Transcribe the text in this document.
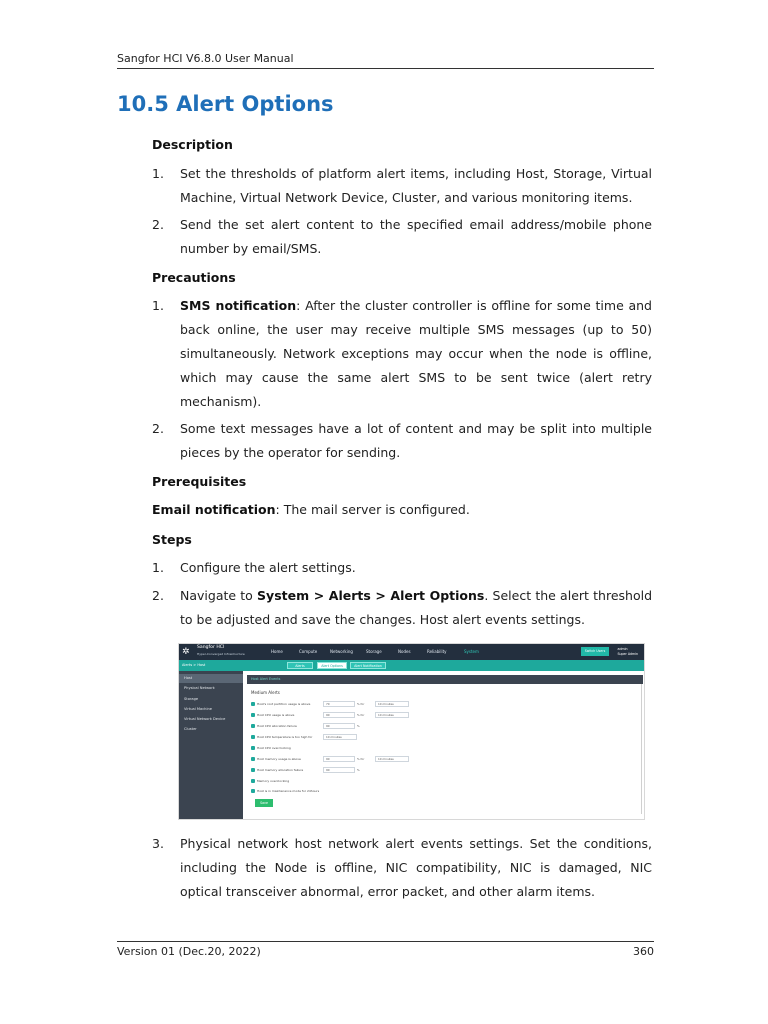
Sangfor HCI V6.8.0 User Manual
10.5 Alert Options
Description
1.	Set the thresholds of platform alert items, including Host, Storage, Virtual Machine, Virtual Network Device, Cluster, and various monitoring items.
2.	Send the set alert content to the specified email address/mobile phone number by email/SMS.
Precautions
1.	SMS notification: After the cluster controller is offline for some time and back online, the user may receive multiple SMS messages (up to 50) simultaneously. Network exceptions may occur when the node is offline, which may cause the same alert SMS to be sent twice (alert retry mechanism).
2.	Some text messages have a lot of content and may be split into multiple pieces by the operator for sending.
Prerequisites
Email notification: The mail server is configured.
Steps
1.	Configure the alert settings.
2.	Navigate to System > Alerts > Alert Options. Select the alert threshold to be adjusted and save the changes. Host alert events settings.
✲	Sangfor HCI
Hyper-Converged Infrastructure	Home	Compute	Networking	Storage	Nodes	Reliability	System	Switch Users	admin
Super Admin
Alerts > Host	Alerts	Alert Options	Alert Notification
Host
Physical Network
Storage
Virtual Machine
Virtual Network Device
Cluster
Host Alert Events
Medium Alerts
Host's root partition usage is above	70	% for	10 minutes
Host CPU usage is above	90	% for	10 minutes
Host CPU allocation failure	90	%
Host CPU temperature is too high for	10 minutes
Host CPU overclocking
Host memory usage is above	90	% for	10 minutes
Host memory allocation failure	90	%
Memory overclocking
Host is in maintenance mode for 24hours
Save
3.	Physical network host network alert events settings. Set the conditions, including the Node is offline, NIC compatibility, NIC is damaged, NIC optical transceiver abnormal, error packet, and other alarm items.
Version 01 (Dec.20, 2022)	360
